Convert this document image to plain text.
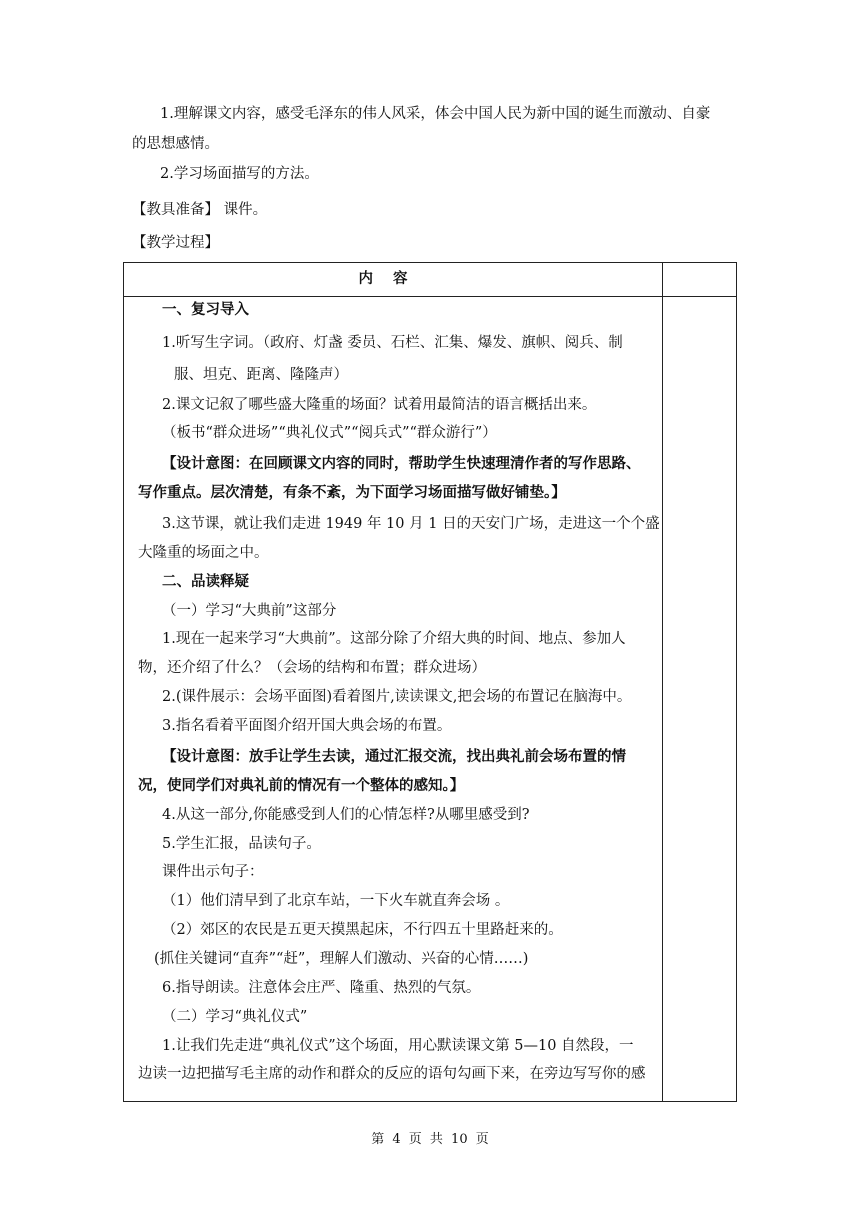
1.理解课文内容，感受毛泽东的伟人风采，体会中国人民为新中国的诞生而激动、自豪
的思想感情。
2.学习场面描写的方法。
【教具准备】 课件。
【教学过程】
内容
一、复习导入
1.听写生字词。（政府、灯盏 委员、石栏、汇集、爆发、旗帜、阅兵、制
服、坦克、距离、隆隆声）
2.课文记叙了哪些盛大隆重的场面？试着用最简洁的语言概括出来。
（板书“群众进场”“典礼仪式”“阅兵式”“群众游行”）
【设计意图：在回顾课文内容的同时，帮助学生快速理清作者的写作思路、
写作重点。层次清楚，有条不紊，为下面学习场面描写做好铺垫。】
3.这节课，就让我们走进 1949 年 10 月 1 日的天安门广场，走进这一个个盛
大隆重的场面之中。
二、品读释疑
（一）学习“大典前”这部分
1.现在一起来学习“大典前”。这部分除了介绍大典的时间、地点、参加人
物，还介绍了什么？（会场的结构和布置；群众进场）
2.(课件展示：会场平面图)看着图片,读读课文,把会场的布置记在脑海中。
3.指名看着平面图介绍开国大典会场的布置。
【设计意图：放手让学生去读，通过汇报交流，找出典礼前会场布置的情
况，使同学们对典礼前的情况有一个整体的感知。】
4.从这一部分,你能感受到人们的心情怎样?从哪里感受到?
5.学生汇报，品读句子。
课件出示句子：
（1）他们清早到了北京车站，一下火车就直奔会场 。
（2）郊区的农民是五更天摸黑起床，不行四五十里路赶来的。
(抓住关键词“直奔”“赶”，理解人们激动、兴奋的心情……)
6.指导朗读。注意体会庄严、隆重、热烈的气氛。
（二）学习“典礼仪式”
1.让我们先走进“典礼仪式”这个场面，用心默读课文第 5—10 自然段，一
边读一边把描写毛主席的动作和群众的反应的语句勾画下来，在旁边写写你的感
第 4 页 共 10 页
